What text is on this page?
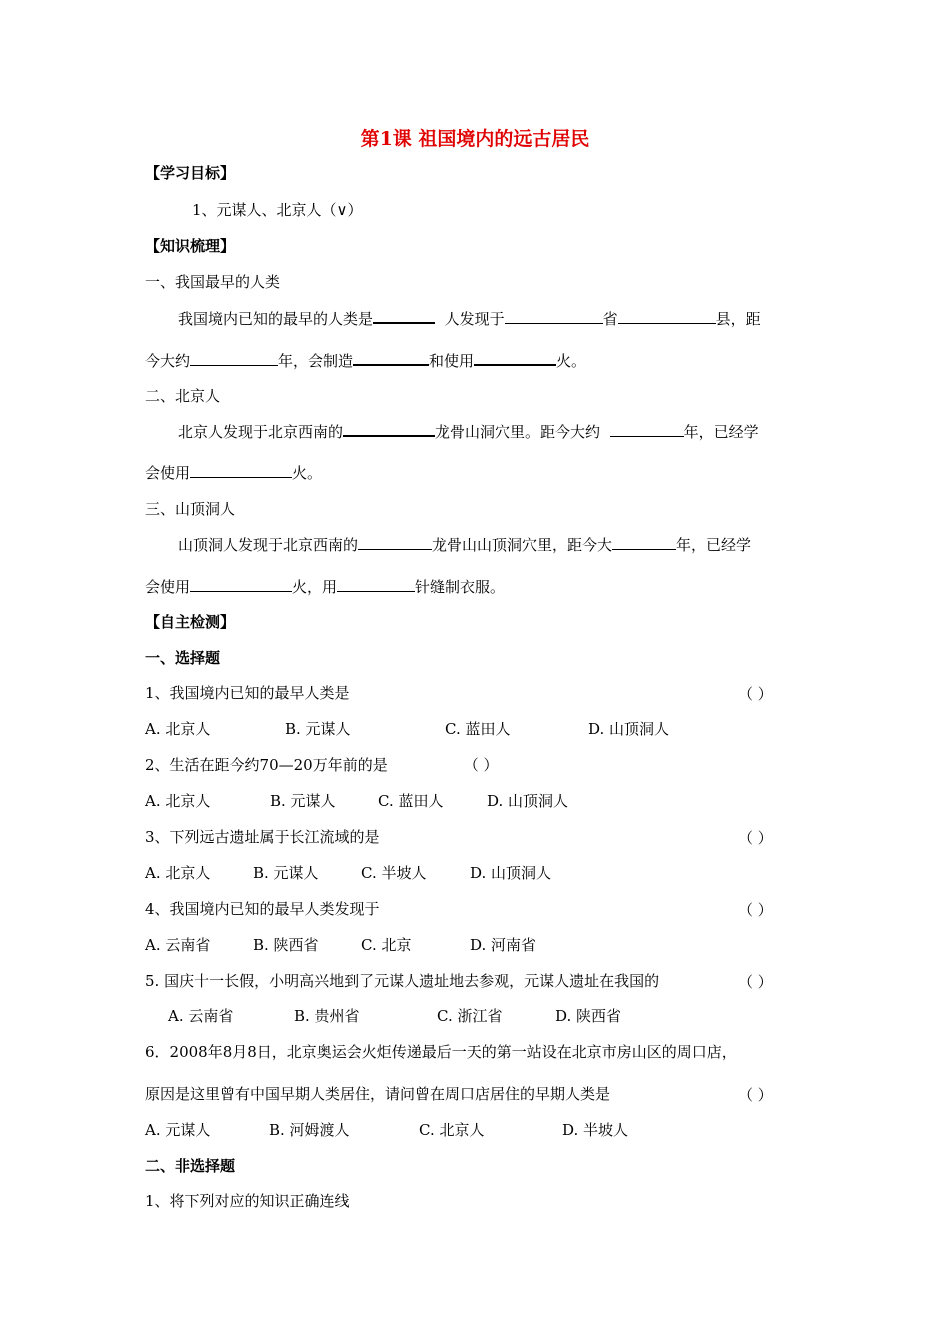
第1课 祖国境内的远古居民
【学习目标】
1、元谋人、北京人（∨）
【知识梳理】
一、我国最早的人类
我国境内已知的最早的人类是	人发现于	省	县，距
今大约	年，会制造	和使用	火。
二、北京人
北京人发现于北京西南的	龙骨山洞穴里。距今大约	年，已经学
会使用	火。
三、山顶洞人
山顶洞人发现于北京西南的	龙骨山山顶洞穴里，距今大	年，已经学
会使用	火，用	针缝制衣服。
【自主检测】
一、选择题
1、我国境内已知的最早人类是	（ ）
A. 北京人	B. 元谋人	C. 蓝田人	D. 山顶洞人
2、生活在距今约70—20万年前的是	（ ）
A. 北京人	B. 元谋人	C. 蓝田人	D. 山顶洞人
3、下列远古遗址属于长江流域的是	（ ）
A. 北京人	B. 元谋人	C. 半坡人	D. 山顶洞人
4、我国境内已知的最早人类发现于	（ ）
A. 云南省	B. 陕西省	C. 北京	D. 河南省
5. 国庆十一长假，小明高兴地到了元谋人遗址地去参观，元谋人遗址在我国的	（ ）
A. 云南省	B. 贵州省	C. 浙江省	D. 陕西省
6．2008年8月8日，北京奥运会火炬传递最后一天的第一站设在北京市房山区的周口店，
原因是这里曾有中国早期人类居住，请问曾在周口店居住的早期人类是	（ ）
A. 元谋人	B. 河姆渡人	C. 北京人	D. 半坡人
二、非选择题
1、将下列对应的知识正确连线
